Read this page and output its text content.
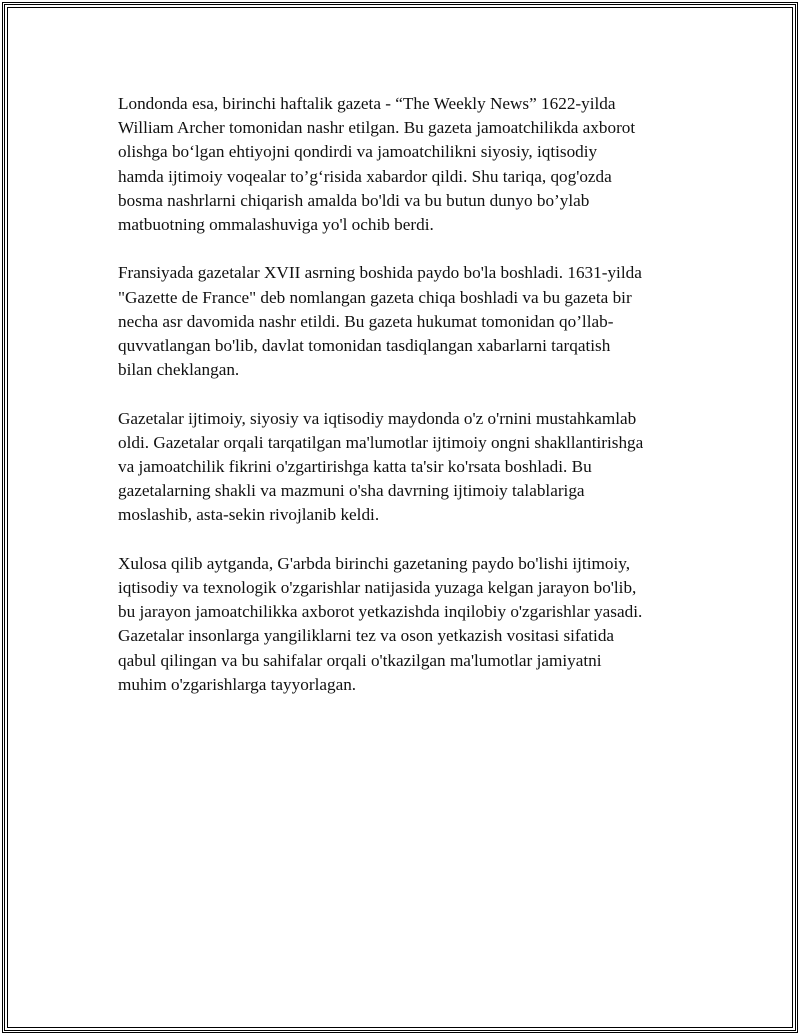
Londonda esa, birinchi haftalik gazeta - “The Weekly News” 1622-yilda
William Archer tomonidan nashr etilgan. Bu gazeta jamoatchilikda axborot
olishga bo‘lgan ehtiyojni qondirdi va jamoatchilikni siyosiy, iqtisodiy
hamda ijtimoiy voqealar to’g‘risida xabardor qildi. Shu tariqa, qog'ozda
bosma nashrlarni chiqarish amalda bo'ldi va bu butun dunyo bo’ylab
matbuotning ommalashuviga yo'l ochib berdi.

Fransiyada gazetalar XVII asrning boshida paydo bo'la boshladi. 1631-yilda
"Gazette de France" deb nomlangan gazeta chiqa boshladi va bu gazeta bir
necha asr davomida nashr etildi. Bu gazeta hukumat tomonidan qo’llab-
quvvatlangan bo'lib, davlat tomonidan tasdiqlangan xabarlarni tarqatish
bilan cheklangan.

Gazetalar ijtimoiy, siyosiy va iqtisodiy maydonda o'z o'rnini mustahkamlab
oldi. Gazetalar orqali tarqatilgan ma'lumotlar ijtimoiy ongni shakllantirishga
va jamoatchilik fikrini o'zgartirishga katta ta'sir ko'rsata boshladi. Bu
gazetalarning shakli va mazmuni o'sha davrning ijtimoiy talablariga
moslashib, asta-sekin rivojlanib keldi.

Xulosa qilib aytganda, G'arbda birinchi gazetaning paydo bo'lishi ijtimoiy,
iqtisodiy va texnologik o'zgarishlar natijasida yuzaga kelgan jarayon bo'lib,
bu jarayon jamoatchilikka axborot yetkazishda inqilobiy o'zgarishlar yasadi.
Gazetalar insonlarga yangiliklarni tez va oson yetkazish vositasi sifatida
qabul qilingan va bu sahifalar orqali o'tkazilgan ma'lumotlar jamiyatni
muhim o'zgarishlarga tayyorlagan.
